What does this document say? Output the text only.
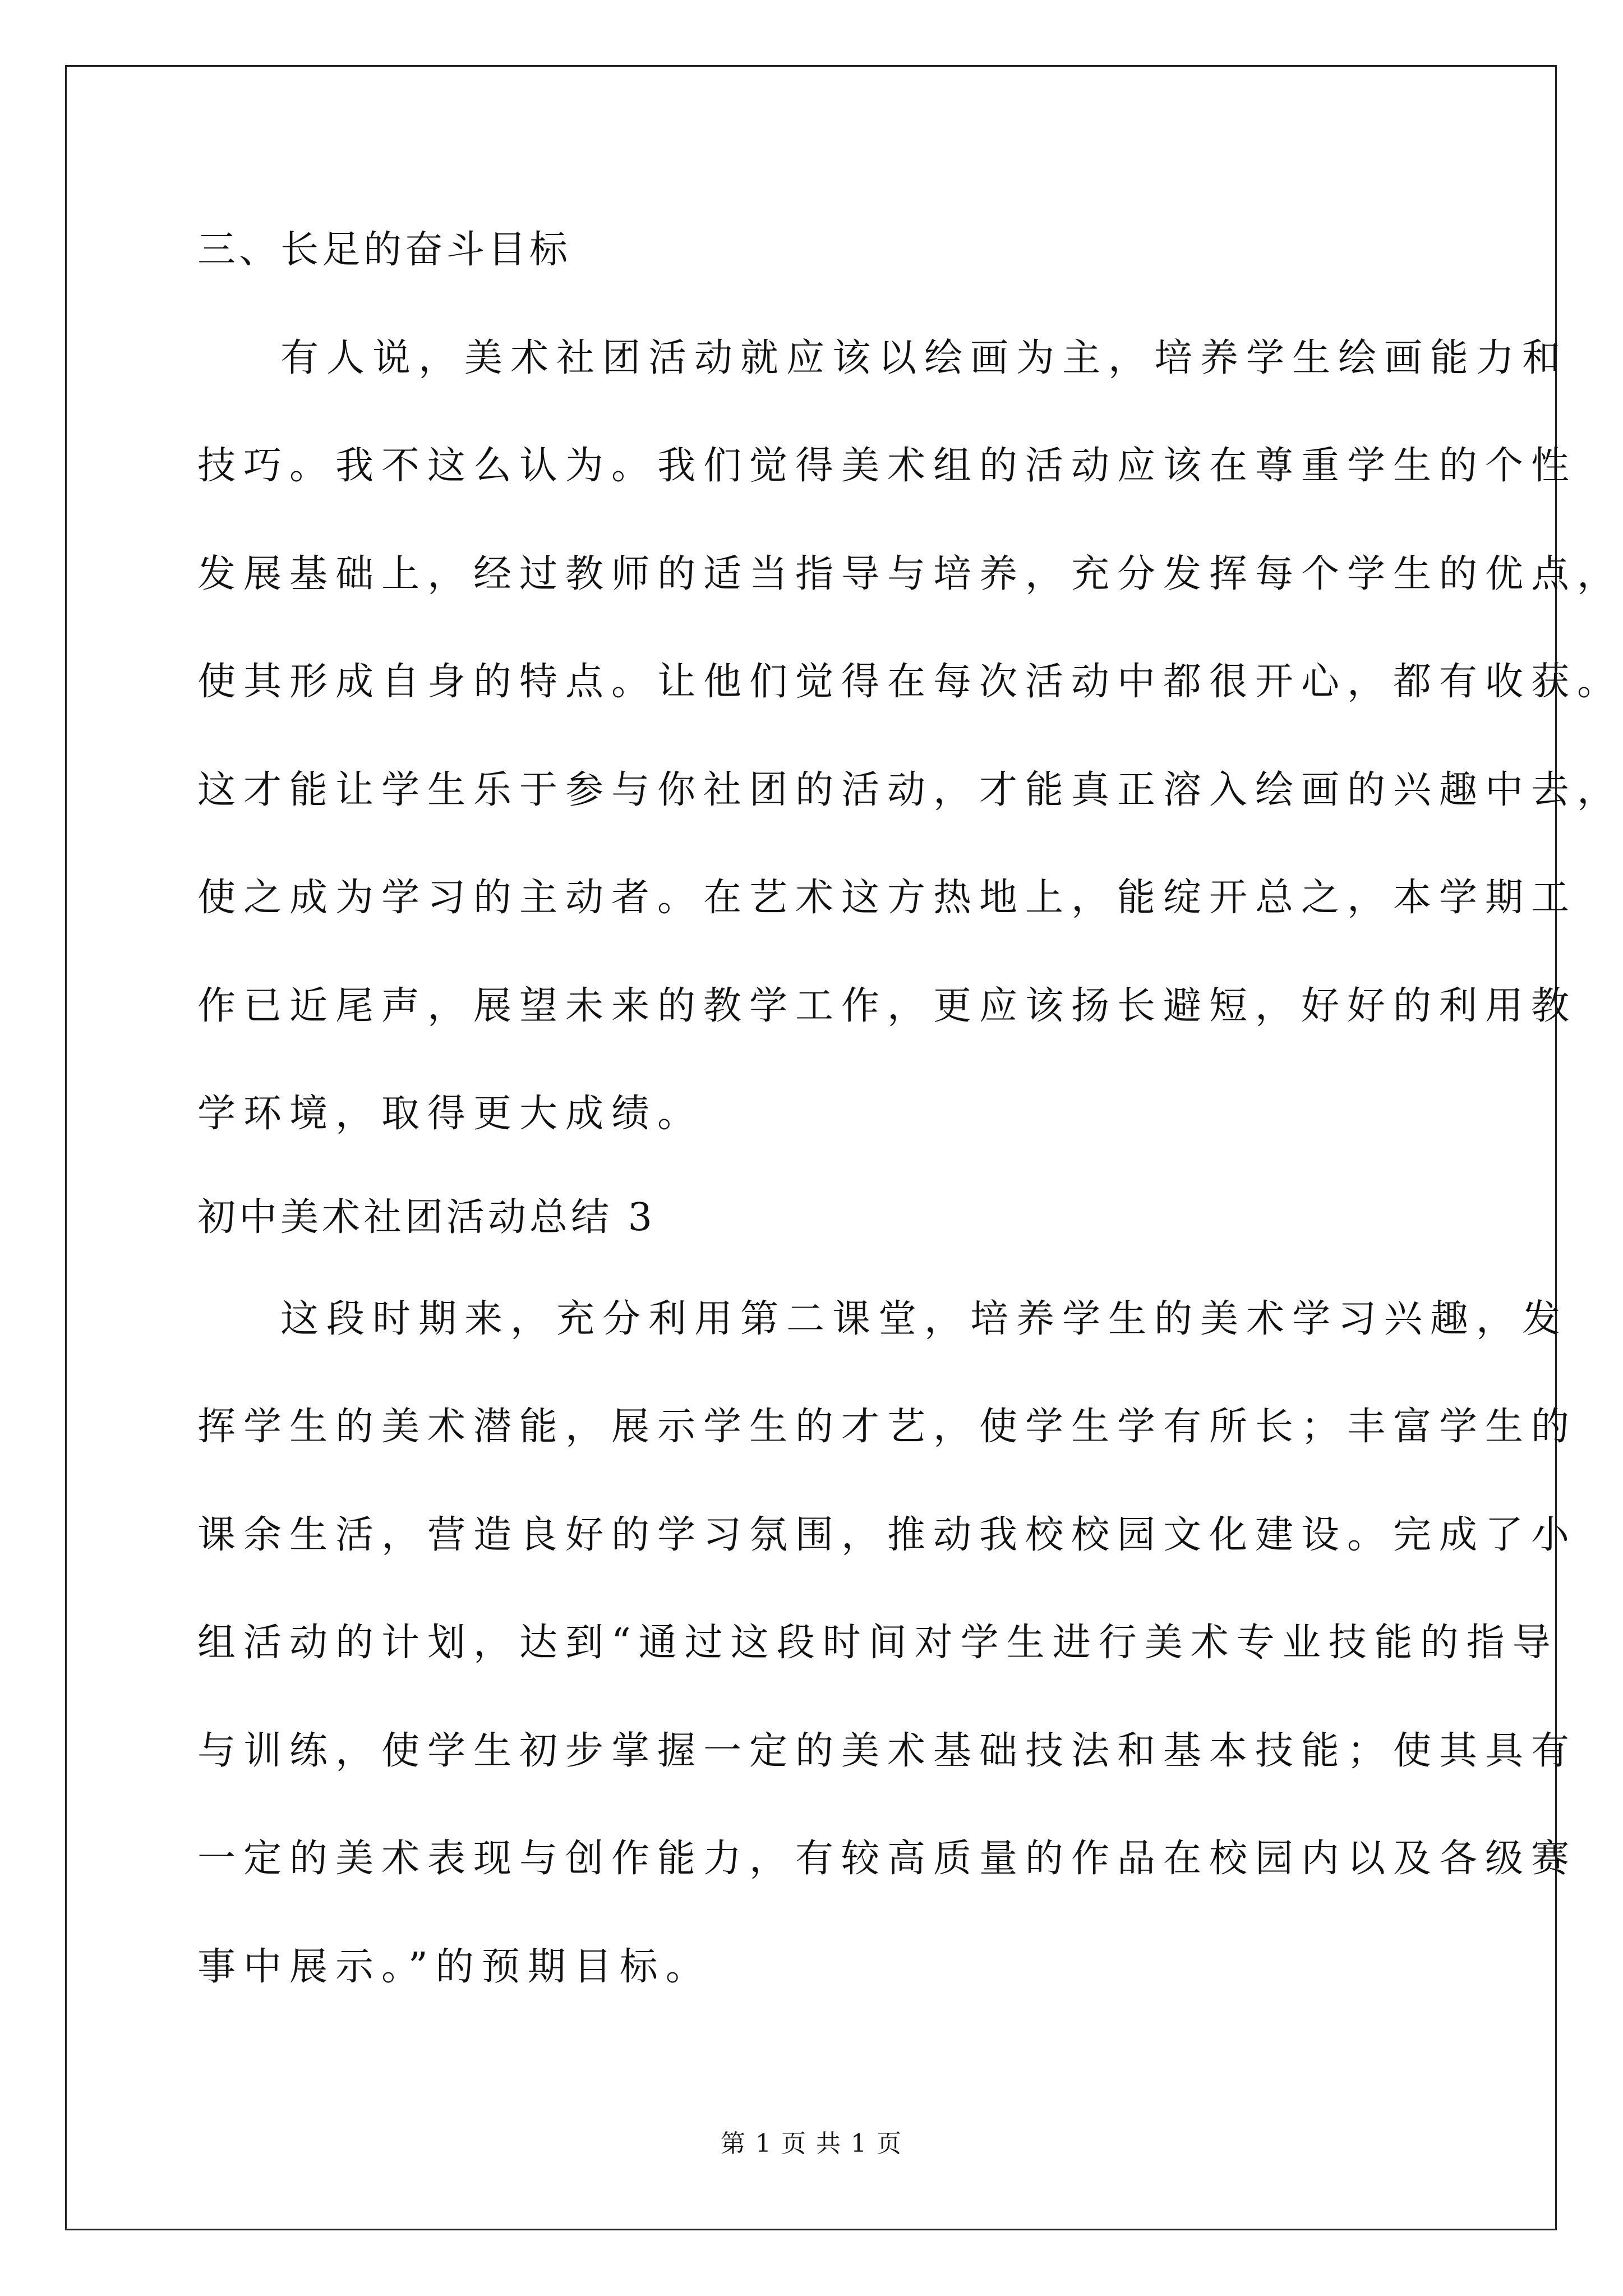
三、长足的奋斗目标
有人说，美术社团活动就应该以绘画为主，培养学生绘画能力和
技巧。我不这么认为。我们觉得美术组的活动应该在尊重学生的个性
发展基础上，经过教师的适当指导与培养，充分发挥每个学生的优点，
使其形成自身的特点。让他们觉得在每次活动中都很开心，都有收获。
这才能让学生乐于参与你社团的活动，才能真正溶入绘画的兴趣中去，
使之成为学习的主动者。在艺术这方热地上，能绽开总之，本学期工
作已近尾声，展望未来的教学工作，更应该扬长避短，好好的利用教
学环境，取得更大成绩。
初中美术社团活动总结 3
这段时期来，充分利用第二课堂，培养学生的美术学习兴趣，发
挥学生的美术潜能，展示学生的才艺，使学生学有所长；丰富学生的
课余生活，营造良好的学习氛围，推动我校校园文化建设。完成了小
组活动的计划，达到“通过这段时间对学生进行美术专业技能的指导
与训练，使学生初步掌握一定的美术基础技法和基本技能；使其具有
一定的美术表现与创作能力，有较高质量的作品在校园内以及各级赛
事中展示。”的预期目标。
第 1 页 共 1 页
